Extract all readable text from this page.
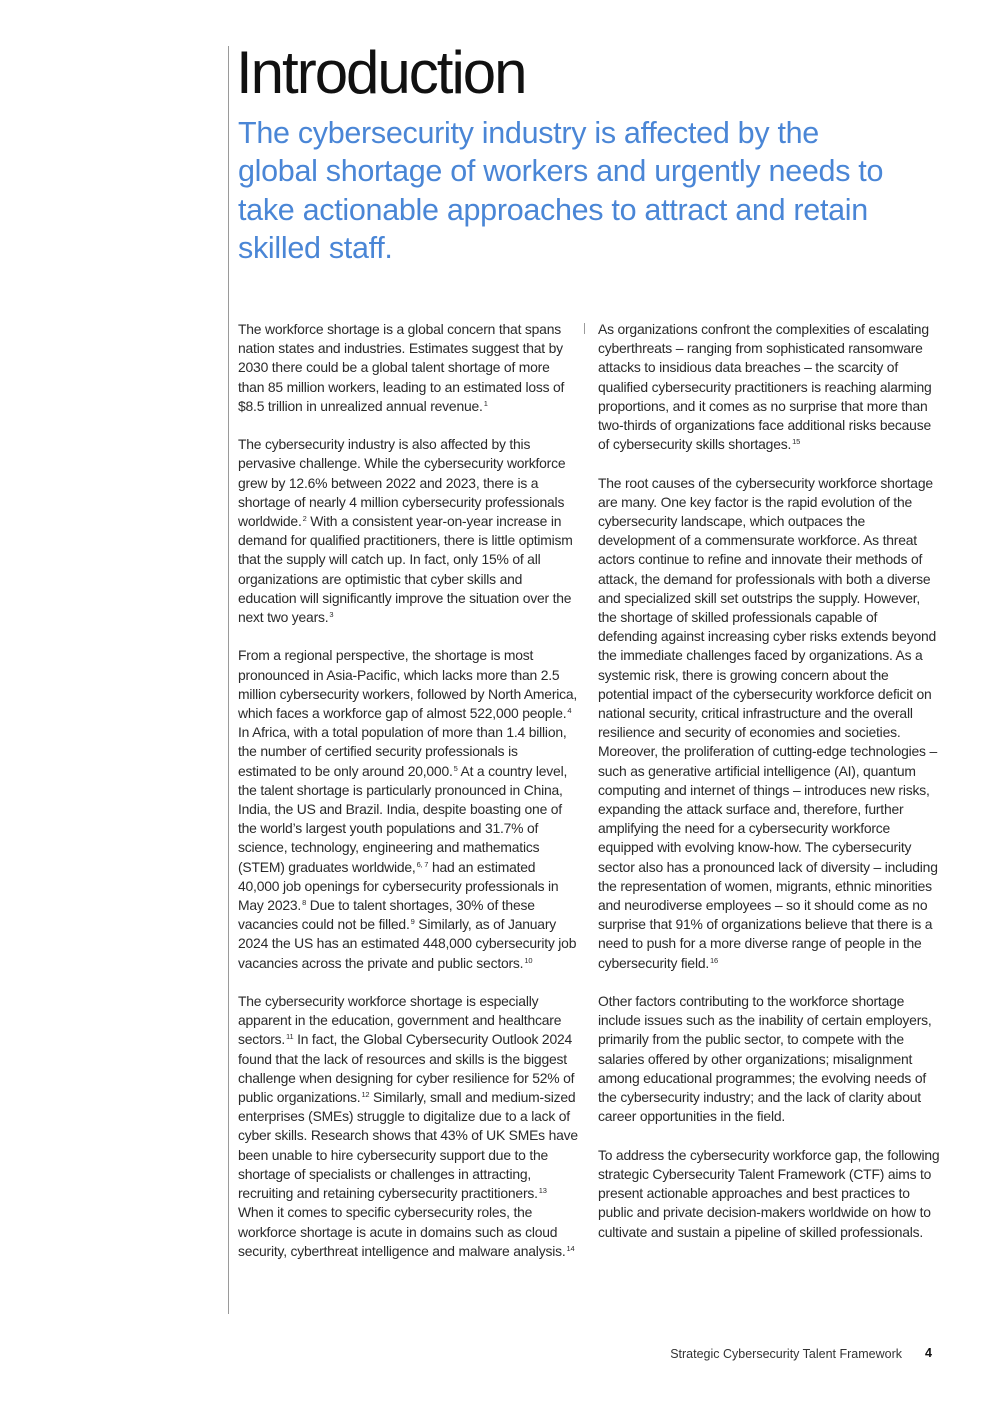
Introduction

The cybersecurity industry is affected by the global shortage of workers and urgently needs to take actionable approaches to attract and retain skilled staff.

The workforce shortage is a global concern that spans nation states and industries. Estimates suggest that by 2030 there could be a global talent shortage of more than 85 million workers, leading to an estimated loss of $8.5 trillion in unrealized annual revenue.$^1$

The cybersecurity industry is also affected by this pervasive challenge. While the cybersecurity workforce grew by 12.6% between 2022 and 2023, there is a shortage of nearly 4 million cybersecurity professionals worldwide.$^2$ With a consistent year-on-year increase in demand for qualified practitioners, there is little optimism that the supply will catch up. In fact, only 15% of all organizations are optimistic that cyber skills and education will significantly improve the situation over the next two years.$^3$

From a regional perspective, the shortage is most pronounced in Asia-Pacific, which lacks more than 2.5 million cybersecurity workers, followed by North America, which faces a workforce gap of almost 522,000 people.$^4$ In Africa, with a total population of more than 1.4 billion, the number of certified security professionals is estimated to be only around 20,000.$^5$ At a country level, the talent shortage is particularly pronounced in China, India, the US and Brazil. India, despite boasting one of the world’s largest youth populations and 31.7% of science, technology, engineering and mathematics (STEM) graduates worldwide,$^{6, 7}$ had an estimated 40,000 job openings for cybersecurity professionals in May 2023.$^8$ Due to talent shortages, 30% of these vacancies could not be filled.$^9$ Similarly, as of January 2024 the US has an estimated 448,000 cybersecurity job vacancies across the private and public sectors.$^{10}$

The cybersecurity workforce shortage is especially apparent in the education, government and healthcare sectors.$^{11}$ In fact, the Global Cybersecurity Outlook 2024 found that the lack of resources and skills is the biggest challenge when designing for cyber resilience for 52% of public organizations.$^{12}$ Similarly, small and medium-sized enterprises (SMEs) struggle to digitalize due to a lack of cyber skills. Research shows that 43% of UK SMEs have been unable to hire cybersecurity support due to the shortage of specialists or challenges in attracting, recruiting and retaining cybersecurity practitioners.$^{13}$ When it comes to specific cybersecurity roles, the workforce shortage is acute in domains such as cloud security, cyberthreat intelligence and malware analysis.$^{14}$

As organizations confront the complexities of escalating cyberthreats – ranging from sophisticated ransomware attacks to insidious data breaches – the scarcity of qualified cybersecurity practitioners is reaching alarming proportions, and it comes as no surprise that more than two-thirds of organizations face additional risks because of cybersecurity skills shortages.$^{15}$

The root causes of the cybersecurity workforce shortage are many. One key factor is the rapid evolution of the cybersecurity landscape, which outpaces the development of a commensurate workforce. As threat actors continue to refine and innovate their methods of attack, the demand for professionals with both a diverse and specialized skill set outstrips the supply. However, the shortage of skilled professionals capable of defending against increasing cyber risks extends beyond the immediate challenges faced by organizations. As a systemic risk, there is growing concern about the potential impact of the cybersecurity workforce deficit on national security, critical infrastructure and the overall resilience and security of economies and societies. Moreover, the proliferation of cutting-edge technologies – such as generative artificial intelligence (AI), quantum computing and internet of things – introduces new risks, expanding the attack surface and, therefore, further amplifying the need for a cybersecurity workforce equipped with evolving know-how. The cybersecurity sector also has a pronounced lack of diversity – including the representation of women, migrants, ethnic minorities and neurodiverse employees – so it should come as no surprise that 91% of organizations believe that there is a need to push for a more diverse range of people in the cybersecurity field.$^{16}$

Other factors contributing to the workforce shortage include issues such as the inability of certain employers, primarily from the public sector, to compete with the salaries offered by other organizations; misalignment among educational programmes; the evolving needs of the cybersecurity industry; and the lack of clarity about career opportunities in the field.

To address the cybersecurity workforce gap, the following strategic Cybersecurity Talent Framework (CTF) aims to present actionable approaches and best practices to public and private decision-makers worldwide on how to cultivate and sustain a pipeline of skilled professionals.

Strategic Cybersecurity Talent Framework 4
